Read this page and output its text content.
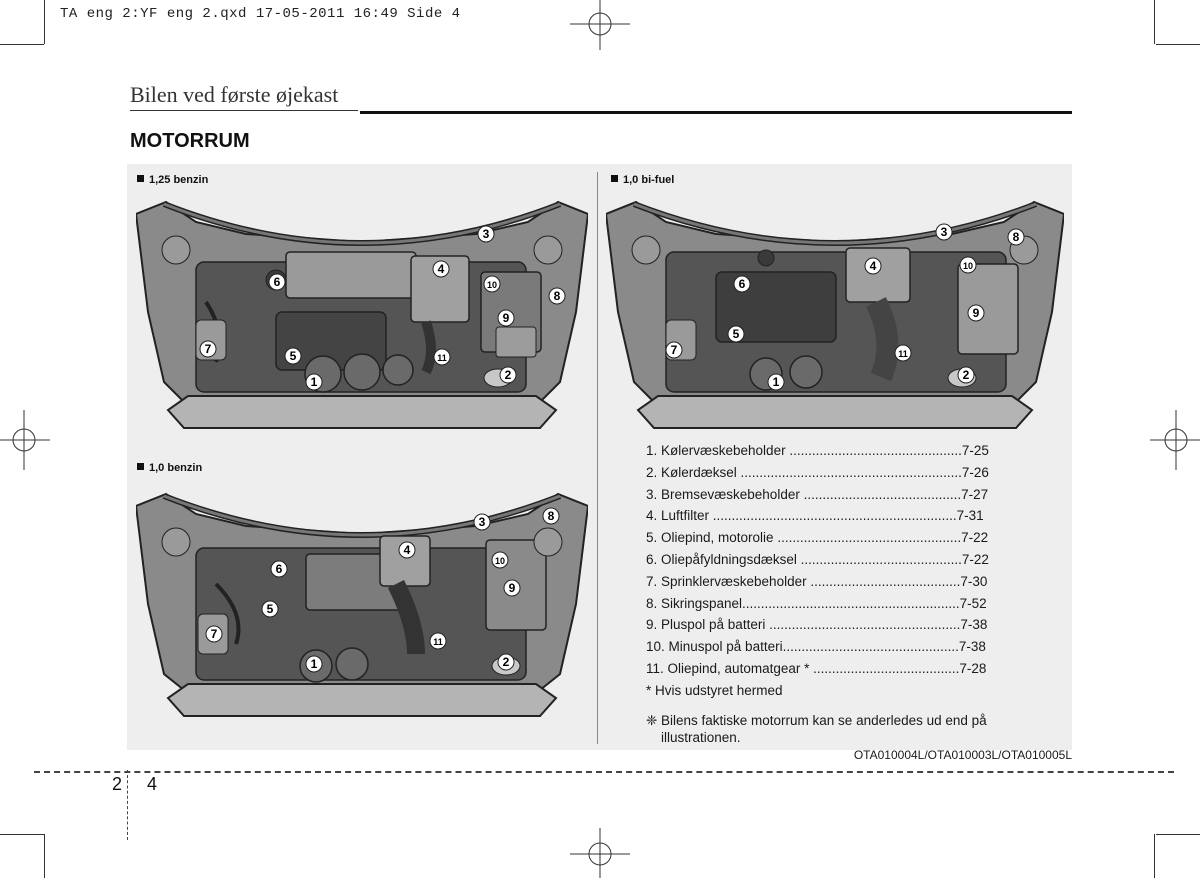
TA eng 2:YF eng 2.qxd 17-05-2011 16:49 Side 4
Bilen ved første øjekast
MOTORRUM
1,25 benzin
1,0 benzin
1,0 bi-fuel
1	2
3
4
5
6
7
8
9
10
11
1	2
3
4
5
6
7
8
9
10
11
1	2
3
4
5
6
7
8
9
10
11
1. Kølervæskebeholder ..............................................7-25
2. Kølerdæksel ...........................................................7-26
3. Bremsevæskebeholder ..........................................7-27
4. Luftfilter .................................................................7-31
5. Oliepind, motorolie .................................................7-22
6. Oliepåfyldningsdæksel ...........................................7-22
7. Sprinklervæskebeholder ........................................7-30
8. Sikringspanel..........................................................7-52
9. Pluspol på batteri ...................................................7-38
10. Minuspol på batteri...............................................7-38
11. Oliepind, automatgear * .......................................7-28
* Hvis udstyret hermed
❈ Bilens faktiske motorrum kan se anderledes ud end på illustrationen.
OTA010004L/OTA010003L/OTA010005L
2 4
